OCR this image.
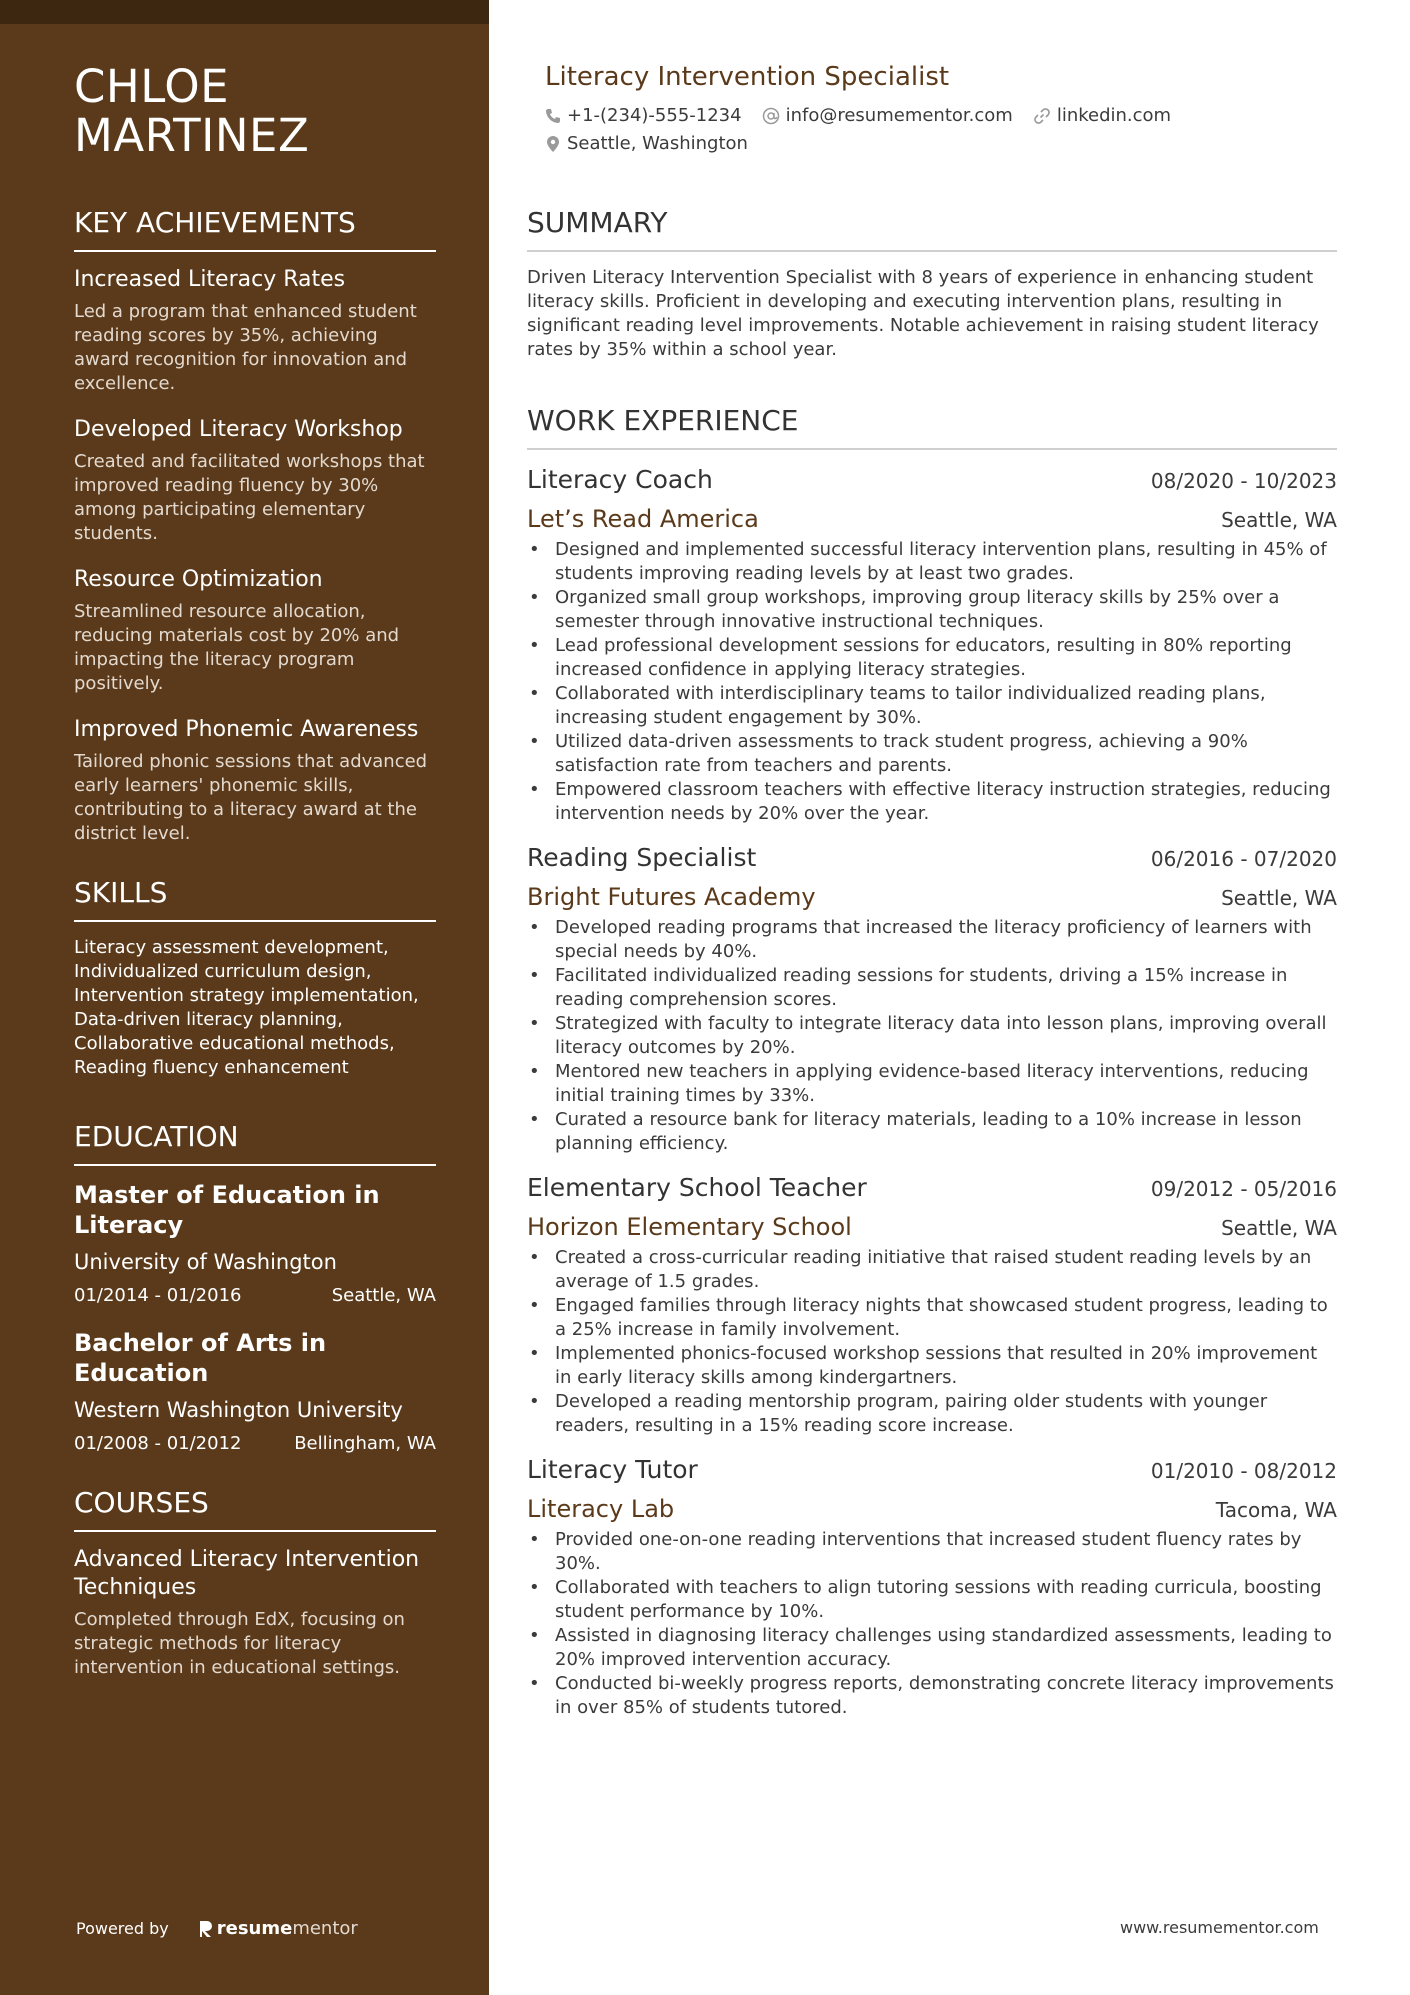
CHLOE
MARTINEZ
KEY ACHIEVEMENTS
Increased Literacy Rates
Led a program that enhanced student reading scores by 35%, achieving award recognition for innovation and excellence.
Developed Literacy Workshop
Created and facilitated workshops that improved reading fluency by 30% among participating elementary students.
Resource Optimization
Streamlined resource allocation, reducing materials cost by 20% and impacting the literacy program positively.
Improved Phonemic Awareness
Tailored phonic sessions that advanced early learners' phonemic skills, contributing to a literacy award at the district level.
SKILLS

Literacy assessment development, Individualized curriculum design, Intervention strategy implementation, Data-driven literacy planning, Collaborative educational methods, Reading fluency enhancement

EDUCATION
Master of Education in Literacy
University of Washington
01/2014 - 01/2016	Seattle, WA
Bachelor of Arts in Education
Western Washington University
01/2008 - 01/2012	Bellingham, WA
COURSES
Advanced Literacy Intervention Techniques
Completed through EdX, focusing on strategic methods for literacy intervention in educational settings.
Powered by	resume mentor
Literacy Intervention Specialist
+1-(234)-555-1234 info@resumementor.com linkedin.com
Seattle, Washington
SUMMARY

Driven Literacy Intervention Specialist with 8 years of experience in enhancing student literacy skills. Proficient in developing and executing intervention plans, resulting in significant reading level improvements. Notable achievement in raising student literacy rates by 35% within a school year.

WORK EXPERIENCE
Literacy Coach	08/2020 - 10/2023
Let’s Read America	Seattle, WA
• Designed and implemented successful literacy intervention plans, resulting in 45% of students improving reading levels by at least two grades.
• Organized small group workshops, improving group literacy skills by 25% over a semester through innovative instructional techniques.
• Lead professional development sessions for educators, resulting in 80% reporting increased confidence in applying literacy strategies.
• Collaborated with interdisciplinary teams to tailor individualized reading plans, increasing student engagement by 30%.
• Utilized data-driven assessments to track student progress, achieving a 90% satisfaction rate from teachers and parents.
• Empowered classroom teachers with effective literacy instruction strategies, reducing intervention needs by 20% over the year.
Reading Specialist	06/2016 - 07/2020
Bright Futures Academy	Seattle, WA
• Developed reading programs that increased the literacy proficiency of learners with special needs by 40%.
• Facilitated individualized reading sessions for students, driving a 15% increase in reading comprehension scores.
• Strategized with faculty to integrate literacy data into lesson plans, improving overall literacy outcomes by 20%.
• Mentored new teachers in applying evidence-based literacy interventions, reducing initial training times by 33%.
• Curated a resource bank for literacy materials, leading to a 10% increase in lesson planning efficiency.
Elementary School Teacher	09/2012 - 05/2016
Horizon Elementary School	Seattle, WA
• Created a cross-curricular reading initiative that raised student reading levels by an average of 1.5 grades.
• Engaged families through literacy nights that showcased student progress, leading to a 25% increase in family involvement.
• Implemented phonics-focused workshop sessions that resulted in 20% improvement in early literacy skills among kindergartners.
• Developed a reading mentorship program, pairing older students with younger readers, resulting in a 15% reading score increase.
Literacy Tutor	01/2010 - 08/2012
Literacy Lab	Tacoma, WA
• Provided one-on-one reading interventions that increased student fluency rates by 30%.
• Collaborated with teachers to align tutoring sessions with reading curricula, boosting student performance by 10%.
• Assisted in diagnosing literacy challenges using standardized assessments, leading to 20% improved intervention accuracy.
• Conducted bi-weekly progress reports, demonstrating concrete literacy improvements in over 85% of students tutored.
www.resumementor.com
